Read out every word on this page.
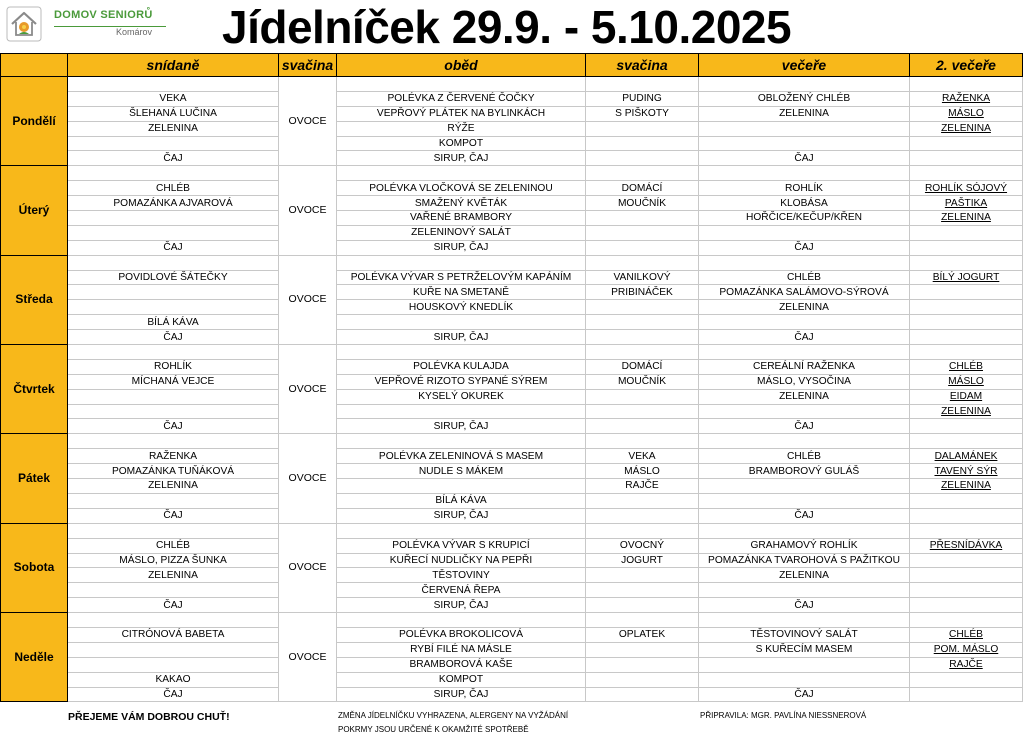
DOMOV SENIORŮ
Komárov Jídelníček 29.9. - 5.10.2025
	snídaně	svačina	oběd	svačina	večeře	2. večeře
Pondělí		OVOCE				
	VEKA		POLÉVKA Z ČERVENÉ ČOČKY	PUDING	OBLOŽENÝ CHLÉB	RAŽENKA
	ŠLEHANÁ LUČINA		VEPŘOVÝ PLÁTEK NA BYLINKÁCH	S PIŠKOTY	ZELENINA	MÁSLO
	ZELENINA		RÝŽE			ZELENINA
			KOMPOT			
	ČAJ		SIRUP, ČAJ		ČAJ	
Úterý		OVOCE				
	CHLÉB		POLÉVKA VLOČKOVÁ SE ZELENINOU	DOMÁCÍ	ROHLÍK	ROHLÍK SÓJOVÝ
	POMAZÁNKA AJVAROVÁ		SMAŽENÝ KVĚTÁK	MOUČNÍK	KLOBÁSA	PAŠTIKA
			VAŘENÉ BRAMBORY		HOŘČICE/KEČUP/KŘEN	ZELENINA
			ZELENINOVÝ SALÁT			
	ČAJ		SIRUP, ČAJ		ČAJ	
Středa		OVOCE				
	POVIDLOVÉ ŠÁTEČKY		POLÉVKA VÝVAR S PETRŽELOVÝM KAPÁNÍM	VANILKOVÝ	CHLÉB	BÍLÝ JOGURT
			KUŘE NA SMETANĚ	PRIBINÁČEK	POMAZÁNKA SALÁMOVO-SÝROVÁ	
			HOUSKOVÝ KNEDLÍK		ZELENINA	
	BÍLÁ KÁVA					
	ČAJ		SIRUP, ČAJ		ČAJ	
Čtvrtek		OVOCE				
	ROHLÍK		POLÉVKA KULAJDA	DOMÁCÍ	CEREÁLNÍ RAŽENKA	CHLÉB
	MÍCHANÁ VEJCE		VEPŘOVÉ RIZOTO SYPANÉ SÝREM	MOUČNÍK	MÁSLO, VYSOČINA	MÁSLO
			KYSELÝ OKUREK		ZELENINA	EIDAM
						ZELENINA
	ČAJ		SIRUP, ČAJ		ČAJ	
Pátek		OVOCE				
	RAŽENKA		POLÉVKA ZELENINOVÁ S MASEM	VEKA	CHLÉB	DALAMÁNEK
	POMAZÁNKA TUŇÁKOVÁ		NUDLE S MÁKEM	MÁSLO	BRAMBOROVÝ GULÁŠ	TAVENÝ SÝR
	ZELENINA			RAJČE		ZELENINA
			BÍLÁ KÁVA			
	ČAJ		SIRUP, ČAJ		ČAJ	
Sobota		OVOCE				
	CHLÉB		POLÉVKA VÝVAR S KRUPICÍ	OVOCNÝ	GRAHAMOVÝ ROHLÍK	PŘESNÍDÁVKA
	MÁSLO, PIZZA ŠUNKA		KUŘECÍ NUDLIČKY NA PEPŘI	JOGURT	POMAZÁNKA TVAROHOVÁ S PAŽITKOU	
	ZELENINA		TĚSTOVINY		ZELENINA	
			ČERVENÁ ŘEPA			
	ČAJ		SIRUP, ČAJ		ČAJ	
Neděle		OVOCE				
	CITRÓNOVÁ BABETA		POLÉVKA BROKOLICOVÁ	OPLATEK	TĚSTOVINOVÝ SALÁT	CHLÉB
			RYBÍ FILÉ NA MÁSLE		S KUŘECÍM MASEM	POM. MÁSLO
			BRAMBOROVÁ KAŠE			RAJČE
	KAKAO		KOMPOT			
	ČAJ		SIRUP, ČAJ		ČAJ	
PŘEJEME VÁM DOBROU CHUŤ!	ZMĚNA JÍDELNÍČKU VYHRAZENA, ALERGENY NA VYŽÁDÁNÍ
POKRMY JSOU URČENÉ K OKAMŽITÉ SPOTŘEBĚ
PŘIPRAVILA: MGR. PAVLÍNA NIESSNEROVÁ
